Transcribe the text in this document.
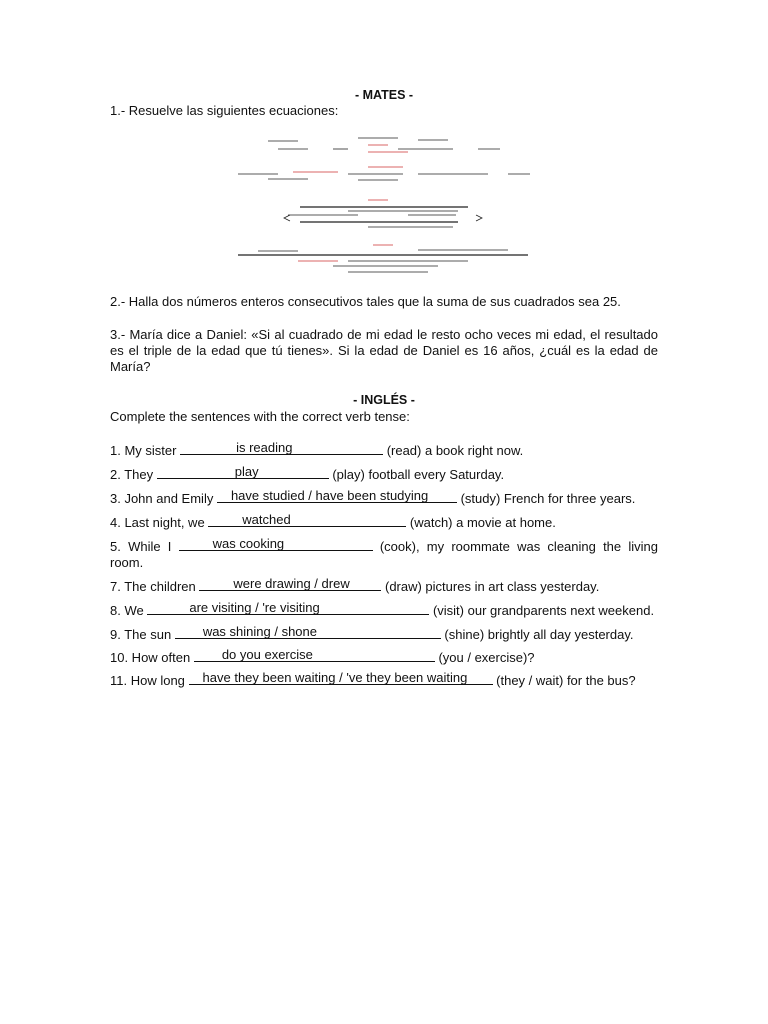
- MATES -
1.- Resuelve las siguientes ecuaciones:
2.- Halla dos números enteros consecutivos tales que la suma de sus cuadrados sea 25.
3.- María dice a Daniel: «Si al cuadrado de mi edad le resto ocho veces mi edad, el resultado
es el triple de la edad que tú tienes». Si la edad de Daniel es 16 años, ¿cuál es la edad de
María?
- INGLÉS -
Complete the sentences with the correct verb tense:
1. My sister	is reading	(read) a book right now.
2. They	play	(play) football every Saturday.
3. John and Emily have studied / have been studying (study) French for three years.
4. Last night, we	watched	(watch) a movie at home.
5. While I	was cooking	(cook), my roommate was cleaning the living
room.
7. The children	were drawing / drew (draw) pictures in art class yesterday.
8. We	are visiting / 're visiting	(visit) our grandparents next weekend.
9. The sun was shining / shone	(shine) brightly all day yesterday.
10. How often do you exercise	(you / exercise)?
11. How long have they been waiting / 've they been waiting (they / wait) for the bus?
